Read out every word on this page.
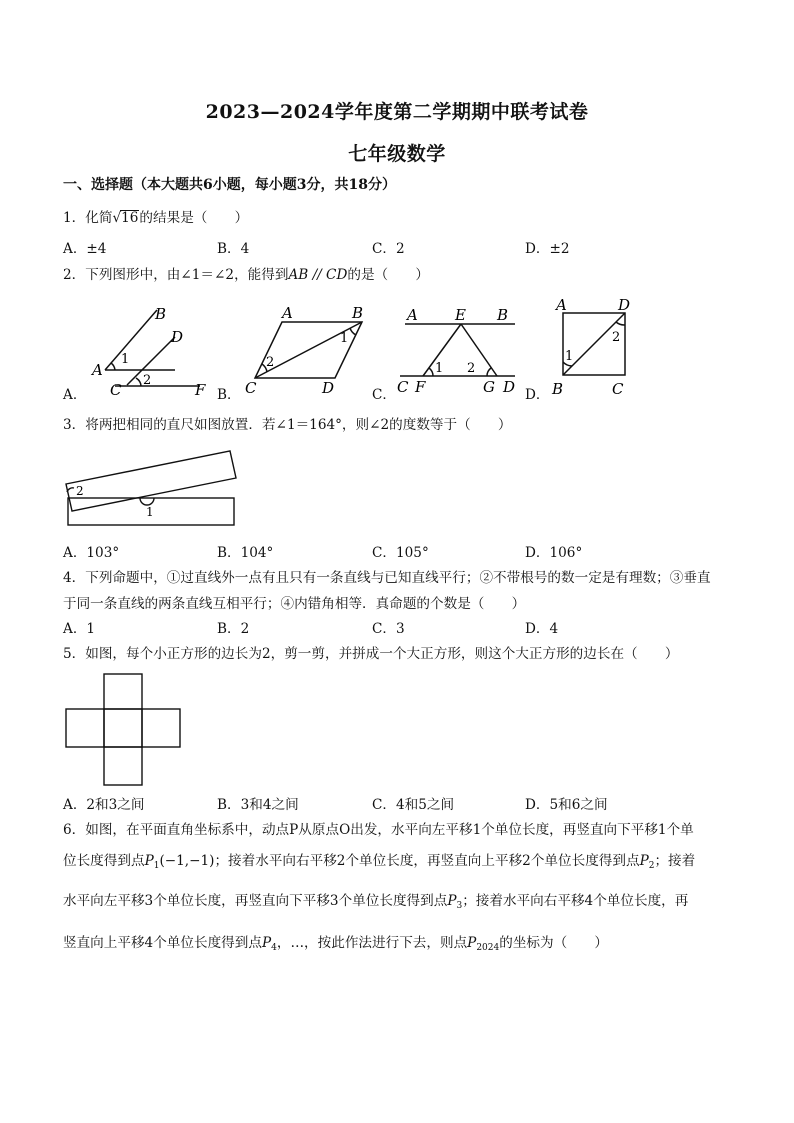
2023—2024学年度第二学期期中联考试卷
七年级数学
一、选择题（本大题共6小题，每小题3分，共18分）
1．化简√16的结果是（　　）
A．±4	B．4	C．2	D．±2
2．下列图形中，由∠1＝∠2，能得到AB // CD的是（　　）
A．	B．	C．	D．
B
D
A
C	F
1
2
A	B
C	D
2
1
A E B
C F	G D
1 2
A	D
B	C
1
2
3．将两把相同的直尺如图放置．若∠1＝164°，则∠2的度数等于（　　）
2
1
A．103°	B．104°	C．105°	D．106°
4．下列命题中，①过直线外一点有且只有一条直线与已知直线平行；②不带根号的数一定是有理数；③垂直
于同一条直线的两条直线互相平行；④内错角相等．真命题的个数是（　　）
A．1	B．2	C．3	D．4
5．如图，每个小正方形的边长为2，剪一剪，并拼成一个大正方形，则这个大正方形的边长在（　　）
A．2和3之间	B．3和4之间	C．4和5之间	D．5和6之间
6．如图，在平面直角坐标系中，动点P从原点O出发，水平向左平移1个单位长度，再竖直向下平移1个单
位长度得到点$P_1(-1,-1)$；接着水平向右平移2个单位长度，再竖直向上平移2个单位长度得到点$P_2$；接着
水平向左平移3个单位长度，再竖直向下平移3个单位长度得到点$P_3$；接着水平向右平移4个单位长度，再
竖直向上平移4个单位长度得到点$P_4$，…，按此作法进行下去，则点$P_{2024}$的坐标为（　　）
